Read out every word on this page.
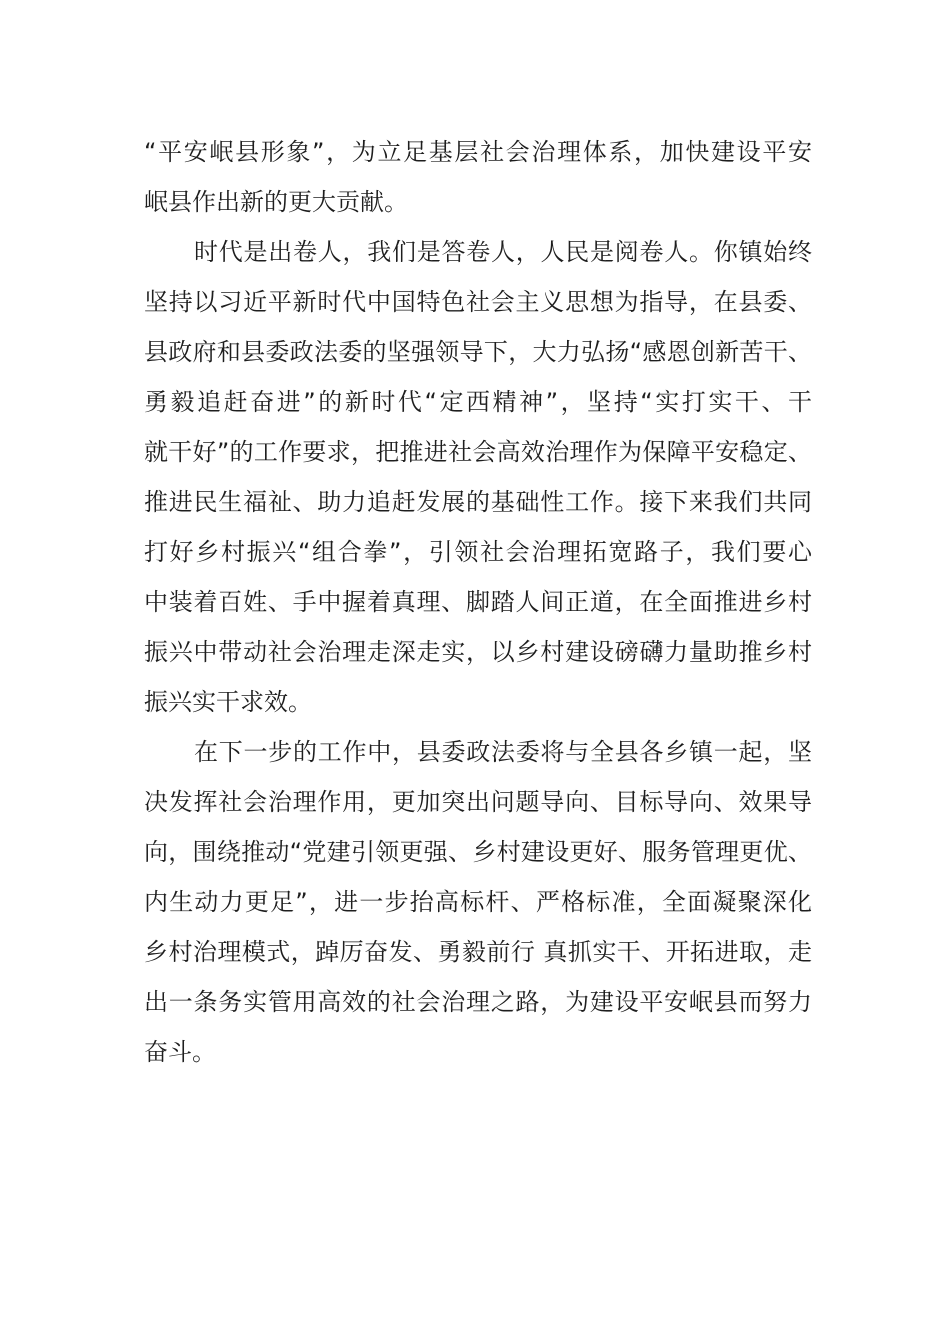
“平安岷县形象”，为立足基层社会治理体系，加快建设平安
岷县作出新的更大贡献。
时代是出卷人，我们是答卷人，人民是阅卷人。你镇始终
坚持以习近平新时代中国特色社会主义思想为指导，在县委、
县政府和县委政法委的坚强领导下，大力弘扬“感恩创新苦干、
勇毅追赶奋进”的新时代“定西精神”，坚持“实打实干、干
就干好”的工作要求，把推进社会高效治理作为保障平安稳定、
推进民生福祉、助力追赶发展的基础性工作。接下来我们共同
打好乡村振兴“组合拳”，引领社会治理拓宽路子，我们要心
中装着百姓、手中握着真理、脚踏人间正道，在全面推进乡村
振兴中带动社会治理走深走实，以乡村建设磅礴力量助推乡村
振兴实干求效。
在下一步的工作中，县委政法委将与全县各乡镇一起，坚
决发挥社会治理作用，更加突出问题导向、目标导向、效果导
向，围绕推动“党建引领更强、乡村建设更好、服务管理更优、
内生动力更足”，进一步抬高标杆、严格标准，全面凝聚深化
乡村治理模式，踔厉奋发、勇毅前行 真抓实干、开拓进取，走
出一条务实管用高效的社会治理之路，为建设平安岷县而努力
奋斗。
